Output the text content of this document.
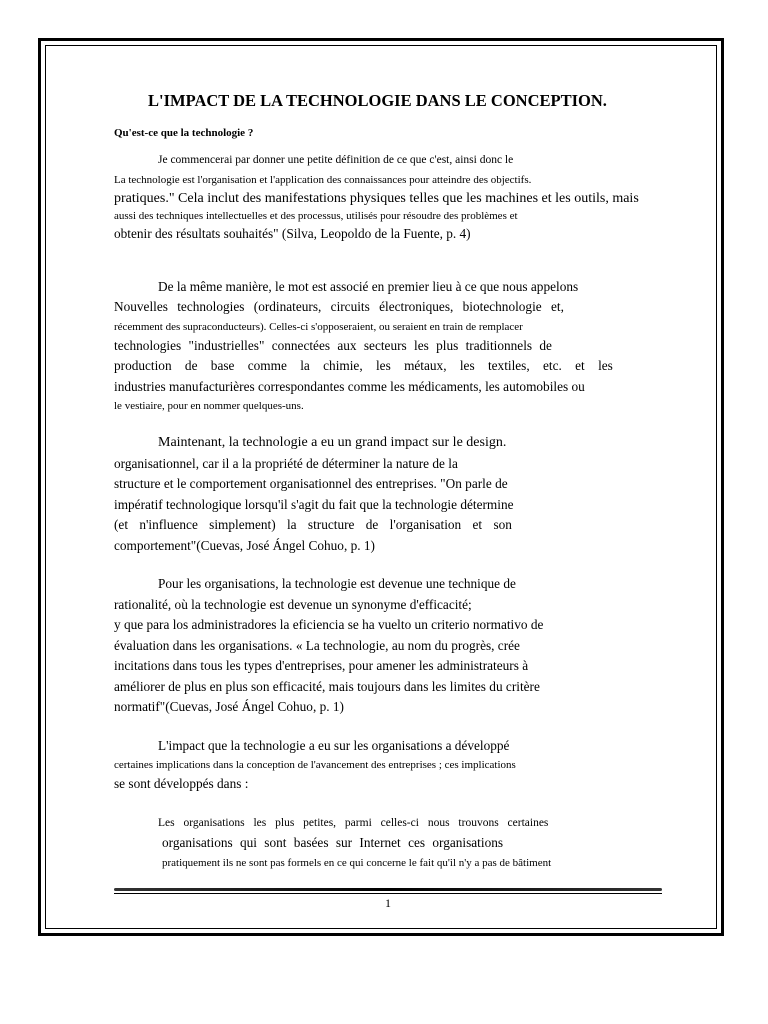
L'IMPACT DE LA TECHNOLOGIE DANS LE CONCEPTION.
Qu'est-ce que la technologie ?

Je commencerai par donner une petite définition de ce que c'est, ainsi donc le
La technologie est l'organisation et l'application des connaissances pour atteindre des objectifs.
pratiques." Cela inclut des manifestations physiques telles que les machines et les outils, mais
aussi des techniques intellectuelles et des processus, utilisés pour résoudre des problèmes et
obtenir des résultats souhaités" (Silva, Leopoldo de la Fuente, p. 4)

De la même manière, le mot est associé en premier lieu à ce que nous appelons
Nouvelles technologies (ordinateurs, circuits électroniques, biotechnologie et,
récemment des supraconducteurs). Celles-ci s'opposeraient, ou seraient en train de remplacer
technologies "industrielles" connectées aux secteurs les plus traditionnels de
production de base comme la chimie, les métaux, les textiles, etc. et les
industries manufacturières correspondantes comme les médicaments, les automobiles ou
le vestiaire, pour en nommer quelques-uns.

Maintenant, la technologie a eu un grand impact sur le design.
organisationnel, car il a la propriété de déterminer la nature de la
structure et le comportement organisationnel des entreprises. "On parle de
impératif technologique lorsqu'il s'agit du fait que la technologie détermine
(et n'influence simplement) la structure de l'organisation et son
comportement"(Cuevas, José Ángel Cohuo, p. 1)

Pour les organisations, la technologie est devenue une technique de
rationalité, où la technologie est devenue un synonyme d'efficacité;
y que para los administradores la eficiencia se ha vuelto un criterio normativo de
évaluation dans les organisations. « La technologie, au nom du progrès, crée
incitations dans tous les types d'entreprises, pour amener les administrateurs à
améliorer de plus en plus son efficacité, mais toujours dans les limites du critère
normatif"(Cuevas, José Ángel Cohuo, p. 1)

L'impact que la technologie a eu sur les organisations a développé
certaines implications dans la conception de l'avancement des entreprises ; ces implications
se sont développés dans :

Les organisations les plus petites, parmi celles-ci nous trouvons certaines
organisations qui sont basées sur Internet ces organisations
pratiquement ils ne sont pas formels en ce qui concerne le fait qu'il n'y a pas de bâtiment
1
